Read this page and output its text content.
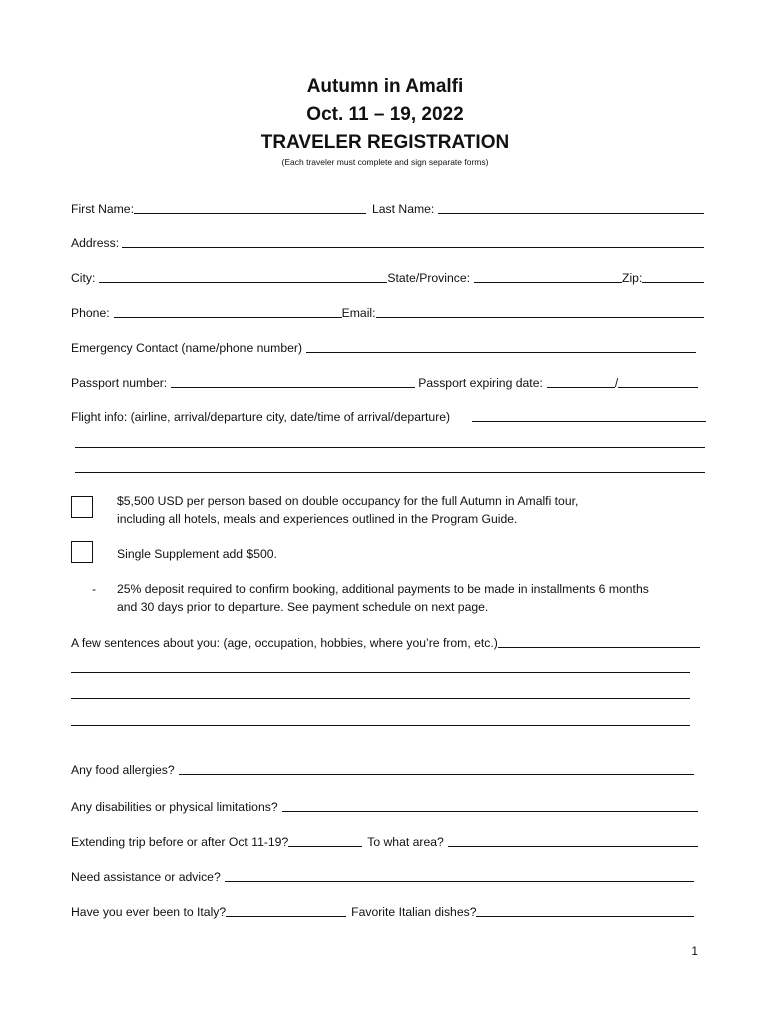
Autumn in Amalfi
Oct. 11 – 19, 2022
TRAVELER REGISTRATION
(Each traveler must complete and sign separate forms)
First Name:	Last Name:
Address:
City:	State/Province:	Zip:
Phone:	Email:
Emergency Contact (name/phone number)
Passport number:	Passport expiring date:	/
Flight info: (airline, arrival/departure city, date/time of arrival/departure)
$5,500 USD per person based on double occupancy for the full Autumn in Amalfi tour,
including all hotels, meals and experiences outlined in the Program Guide.
Single Supplement add $500.
- 25% deposit required to confirm booking, additional payments to be made in installments 6 months
and 30 days prior to departure. See payment schedule on next page.
A few sentences about you: (age, occupation, hobbies, where you’re from, etc.)
Any food allergies?
Any disabilities or physical limitations?
Extending trip before or after Oct 11-19?	To what area?
Need assistance or advice?
Have you ever been to Italy?	Favorite Italian dishes?
1
